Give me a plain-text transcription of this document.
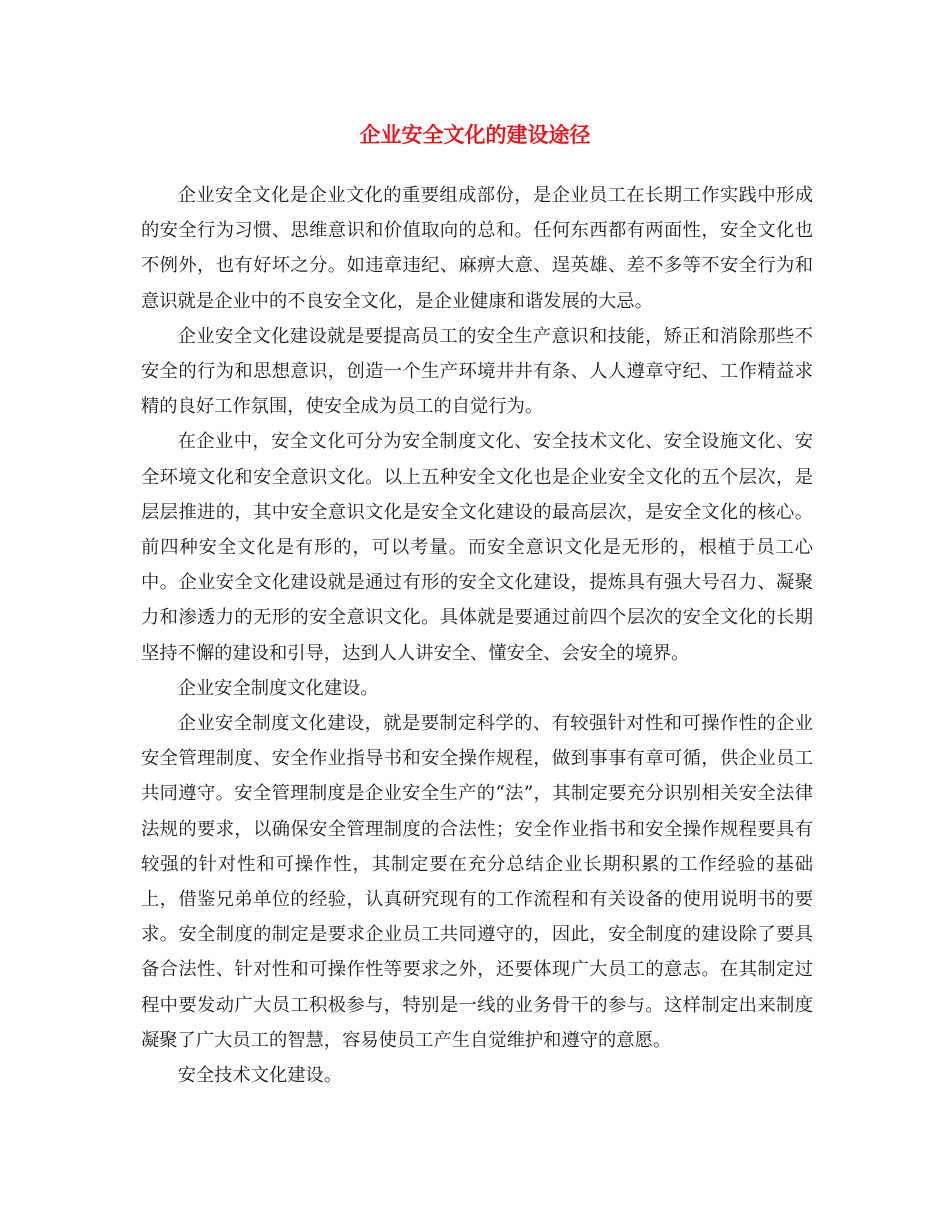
企业安全文化的建设途径

企业安全文化是企业文化的重要组成部份，是企业员工在长期工作实践中形成的安全行为习惯、思维意识和价值取向的总和。任何东西都有两面性，安全文化也不例外，也有好坏之分。如违章违纪、麻痹大意、逞英雄、差不多等不安全行为和意识就是企业中的不良安全文化，是企业健康和谐发展的大忌。

企业安全文化建设就是要提高员工的安全生产意识和技能，矫正和消除那些不安全的行为和思想意识，创造一个生产环境井井有条、人人遵章守纪、工作精益求精的良好工作氛围，使安全成为员工的自觉行为。

在企业中，安全文化可分为安全制度文化、安全技术文化、安全设施文化、安全环境文化和安全意识文化。以上五种安全文化也是企业安全文化的五个层次，是层层推进的，其中安全意识文化是安全文化建设的最高层次，是安全文化的核心。前四种安全文化是有形的，可以考量。而安全意识文化是无形的，根植于员工心中。企业安全文化建设就是通过有形的安全文化建设，提炼具有强大号召力、凝聚力和渗透力的无形的安全意识文化。具体就是要通过前四个层次的安全文化的长期坚持不懈的建设和引导，达到人人讲安全、懂安全、会安全的境界。

企业安全制度文化建设。

企业安全制度文化建设，就是要制定科学的、有较强针对性和可操作性的企业安全管理制度、安全作业指导书和安全操作规程，做到事事有章可循，供企业员工共同遵守。安全管理制度是企业安全生产的“法”，其制定要充分识别相关安全法律法规的要求，以确保安全管理制度的合法性；安全作业指书和安全操作规程要具有较强的针对性和可操作性，其制定要在充分总结企业长期积累的工作经验的基础上，借鉴兄弟单位的经验，认真研究现有的工作流程和有关设备的使用说明书的要求。安全制度的制定是要求企业员工共同遵守的，因此，安全制度的建设除了要具备合法性、针对性和可操作性等要求之外，还要体现广大员工的意志。在其制定过程中要发动广大员工积极参与，特别是一线的业务骨干的参与。这样制定出来制度凝聚了广大员工的智慧，容易使员工产生自觉维护和遵守的意愿。

安全技术文化建设。
